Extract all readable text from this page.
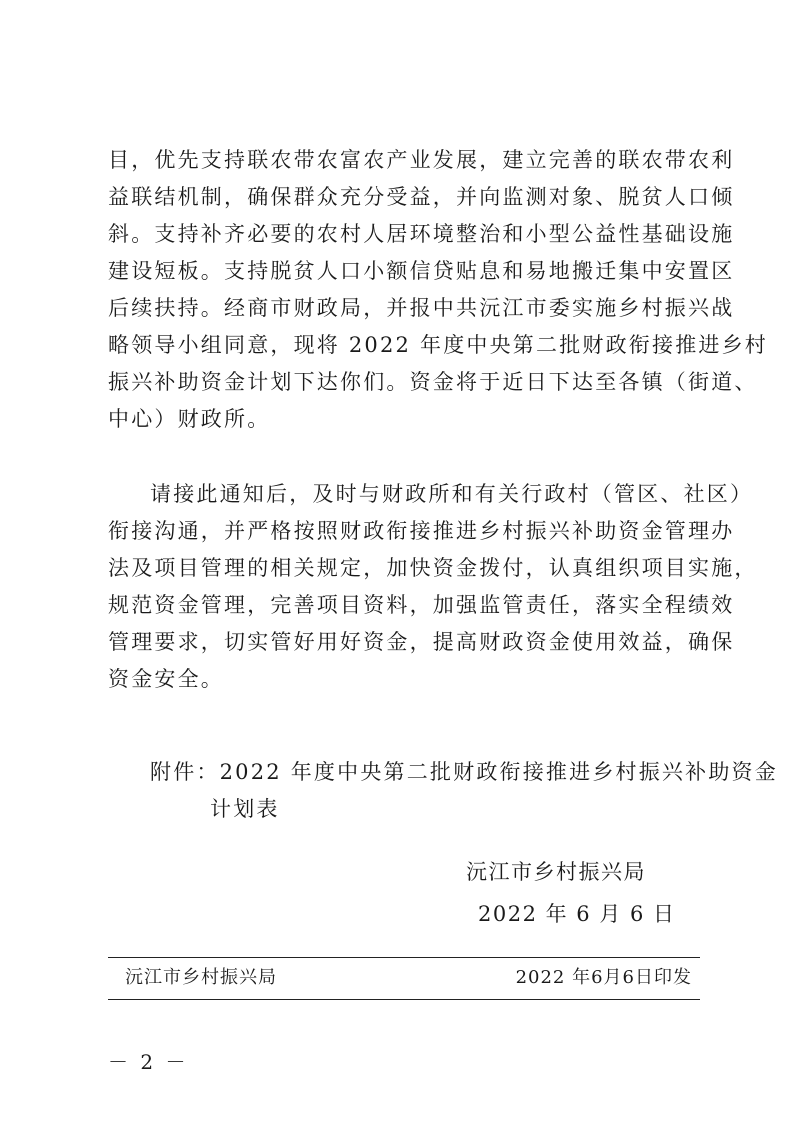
目，优先支持联农带农富农产业发展，建立完善的联农带农利
益联结机制，确保群众充分受益，并向监测对象、脱贫人口倾
斜。支持补齐必要的农村人居环境整治和小型公益性基础设施
建设短板。支持脱贫人口小额信贷贴息和易地搬迁集中安置区
后续扶持。经商市财政局，并报中共沅江市委实施乡村振兴战
略领导小组同意，现将 2022 年度中央第二批财政衔接推进乡村
振兴补助资金计划下达你们。资金将于近日下达至各镇（街道、
中心）财政所。
请接此通知后，及时与财政所和有关行政村（管区、社区）
衔接沟通，并严格按照财政衔接推进乡村振兴补助资金管理办
法及项目管理的相关规定，加快资金拨付，认真组织项目实施，
规范资金管理，完善项目资料，加强监管责任，落实全程绩效
管理要求，切实管好用好资金，提高财政资金使用效益，确保
资金安全。
附件：2022 年度中央第二批财政衔接推进乡村振兴补助资金
计划表
沅江市乡村振兴局
2022 年 6 月 6 日
沅江市乡村振兴局	2022 年6月6日印发
－ 2 －
